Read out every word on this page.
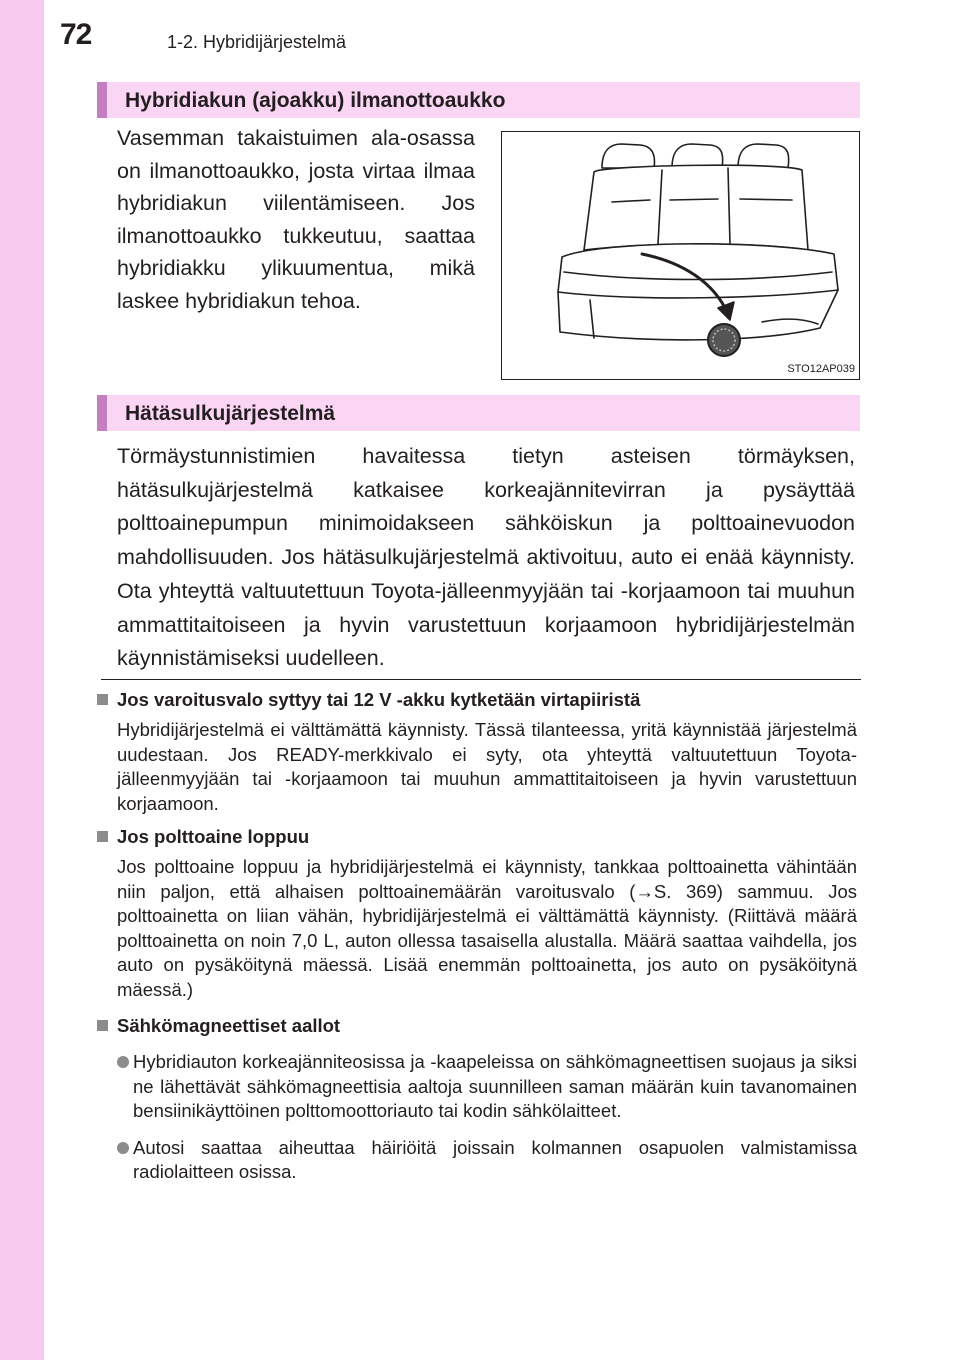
72	1-2. Hybridijärjestelmä
Hybridiakun (ajoakku) ilmanottoaukko

Vasemman takaistuimen ala-osassa on ilmanottoaukko, josta virtaa ilmaa hybridiakun viilentämiseen. Jos ilmanottoaukko tukkeutuu, saattaa hybridiakku ylikuumentua, mikä laskee hybridiakun tehoa.

STO12AP039
Hätäsulkujärjestelmä

Törmäystunnistimien havaitessa tietyn asteisen törmäyksen, hätäsulkujärjestelmä katkaisee korkeajännitevirran ja pysäyttää polttoainepumpun minimoidakseen sähköiskun ja polttoainevuodon mahdollisuuden. Jos hätäsulkujärjestelmä aktivoituu, auto ei enää käynnisty. Ota yhteyttä valtuutettuun Toyota-jälleenmyyjään tai -korjaamoon tai muuhun ammattitaitoiseen ja hyvin varustettuun korjaamoon hybridijärjestelmän käynnistämiseksi uudelleen.

Jos varoitusvalo syttyy tai 12 V -akku kytketään virtapiiristä
Hybridijärjestelmä ei välttämättä käynnisty. Tässä tilanteessa, yritä käynnistää järjestelmä uudestaan. Jos READY-merkkivalo ei syty, ota yhteyttä valtuutettuun Toyota-jälleenmyyjään tai -korjaamoon tai muuhun ammattitaitoiseen ja hyvin varustettuun korjaamoon.
Jos polttoaine loppuu
Jos polttoaine loppuu ja hybridijärjestelmä ei käynnisty, tankkaa polttoainetta vähintään niin paljon, että alhaisen polttoainemäärän varoitusvalo (→S. 369) sammuu. Jos polttoainetta on liian vähän, hybridijärjestelmä ei välttämättä käynnisty. (Riittävä määrä polttoainetta on noin 7,0 L, auton ollessa tasaisella alustalla. Määrä saattaa vaihdella, jos auto on pysäköitynä mäessä. Lisää enemmän polttoainetta, jos auto on pysäköitynä mäessä.)
Sähkömagneettiset aallot
Hybridiauton korkeajänniteosissa ja -kaapeleissa on sähkömagneettisen suojaus ja siksi ne lähettävät sähkömagneettisia aaltoja suunnilleen saman määrän kuin tavanomainen bensiinikäyttöinen polttomoottoriauto tai kodin sähkölaitteet.
Autosi saattaa aiheuttaa häiriöitä joissain kolmannen osapuolen valmistamissa radiolaitteen osissa.
